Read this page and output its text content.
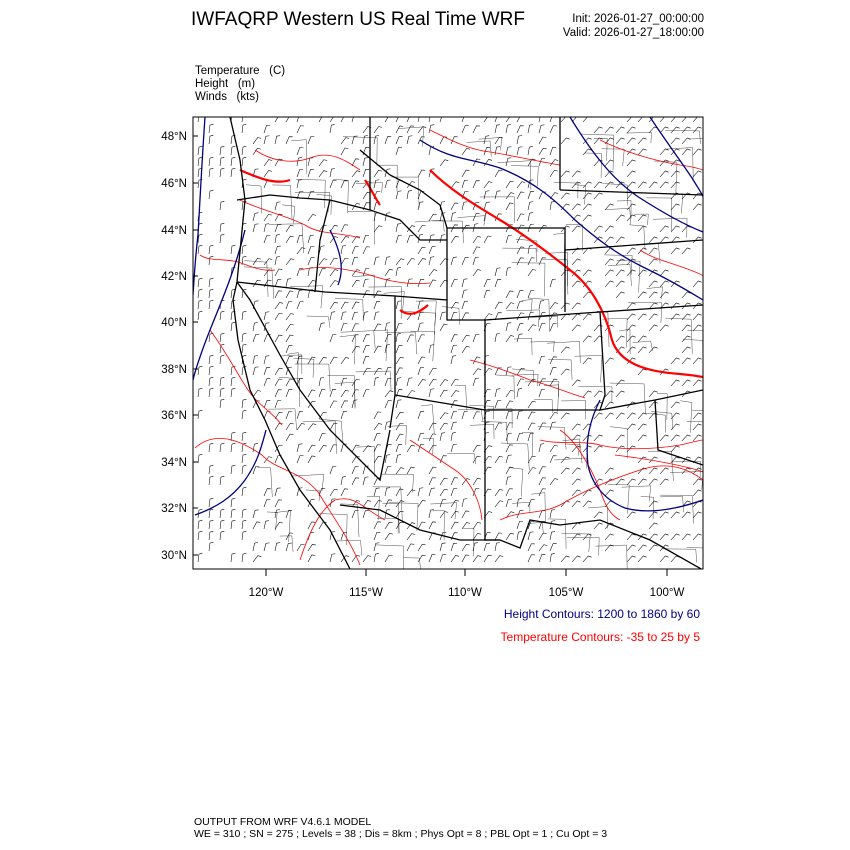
IWFAQRP Western US Real Time WRF	Init: 2026-01-27_00:00:00
Valid: 2026-01-27_18:00:00
Temperature (C)
Height (m)
Winds (kts)
48°N
46°N
44°N
42°N
40°N
38°N
36°N
34°N
32°N
30°N
120°W	115°W	110°W	105°W	100°W
Height Contours: 1200 to 1860 by 60
Temperature Contours: -35 to 25 by 5
OUTPUT FROM WRF V4.6.1 MODEL
WE = 310 ; SN = 275 ; Levels = 38 ; Dis = 8km ; Phys Opt = 8 ; PBL Opt = 1 ; Cu Opt = 3
